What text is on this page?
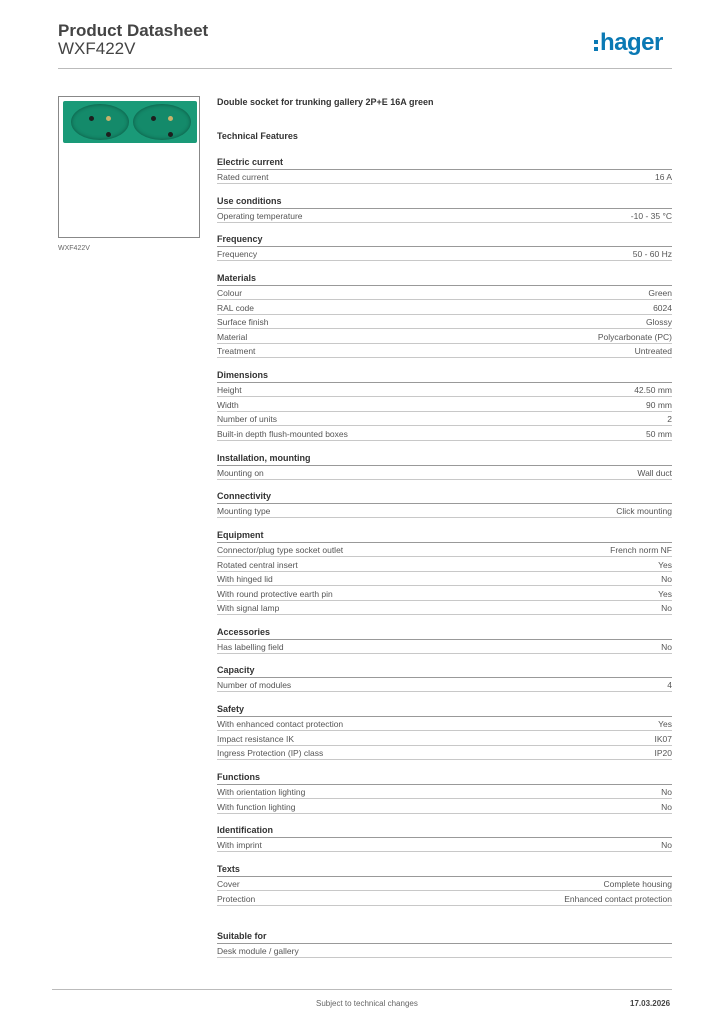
Product Datasheet
WXF422V	hager
WXF422V
Double socket for trunking gallery 2P+E 16A green
Technical Features
Electric current
Rated current	16 A
Use conditions
Operating temperature	-10 - 35 °C
Frequency
Frequency	50 - 60 Hz
Materials
Colour	Green
RAL code	6024
Surface finish	Glossy
Material	Polycarbonate (PC)
Treatment	Untreated
Dimensions
Height	42.50 mm
Width	90 mm
Number of units	2
Built-in depth flush-mounted boxes	50 mm
Installation, mounting
Mounting on	Wall duct
Connectivity
Mounting type	Click mounting
Equipment
Connector/plug type socket outlet	French norm NF
Rotated central insert	Yes
With hinged lid	No
With round protective earth pin	Yes
With signal lamp	No
Accessories
Has labelling field	No
Capacity
Number of modules	4
Safety
With enhanced contact protection	Yes
Impact resistance IK	IK07
Ingress Protection (IP) class	IP20
Functions
With orientation lighting	No
With function lighting	No
Identification
With imprint	No
Texts
Cover	Complete housing
Protection	Enhanced contact protection
Suitable for
Desk module / gallery
Subject to technical changes	17.03.2026
